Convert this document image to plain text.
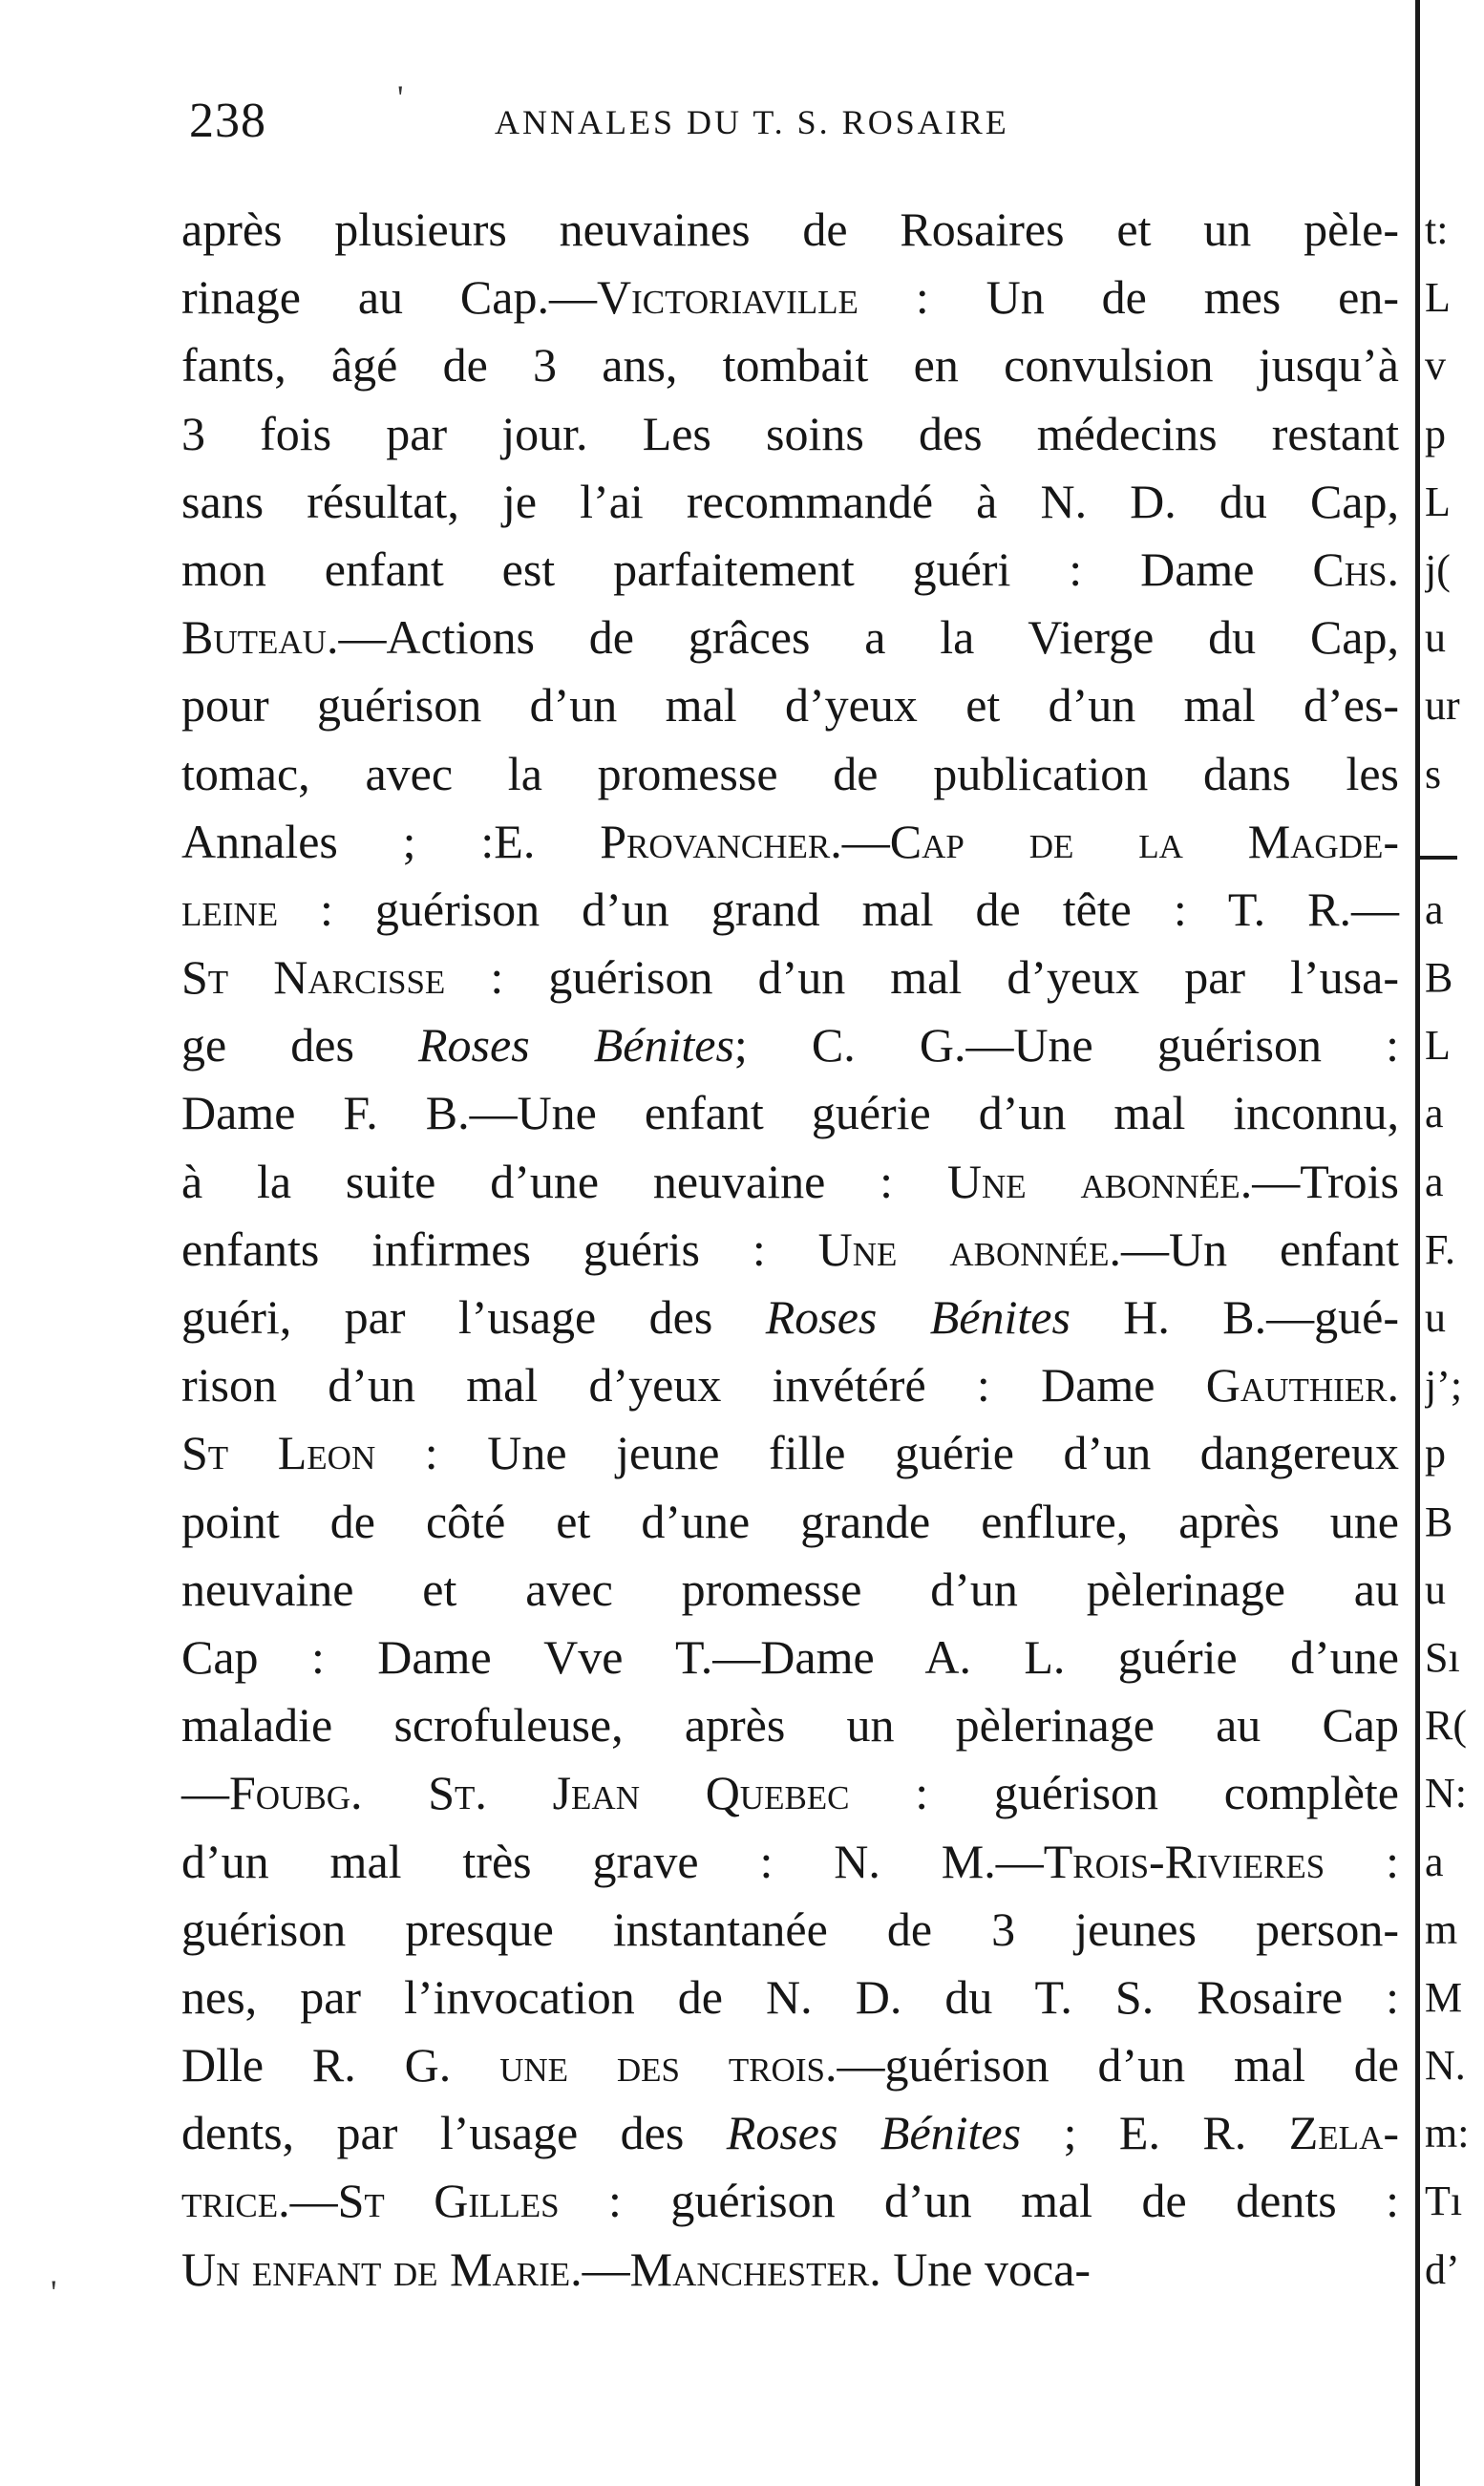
238	ANNALES DU T. S. ROSAIRE
après plusieurs neuvaines de Rosaires et un pèle-
rinage au Cap.—Victoriaville : Un de mes en-
fants, âgé de 3 ans, tombait en convulsion jusqu’à
3 fois par jour. Les soins des médecins restant
sans résultat, je l’ai recommandé à N. D. du Cap,
mon enfant est parfaitement guéri : Dame Chs.
Buteau.—Actions de grâces a la Vierge du Cap,
pour guérison d’un mal d’yeux et d’un mal d’es-
tomac, avec la promesse de publication dans les
Annales ; :E. Provancher.—Cap de la Magde-
leine : guérison d’un grand mal de tête : T. R.—
St Narcisse : guérison d’un mal d’yeux par l’usa-
ge des Roses Bénites; C. G.—Une guérison :
Dame F. B.—Une enfant guérie d’un mal inconnu,
à la suite d’une neuvaine : Une abonnée.—Trois
enfants infirmes guéris : Une abonnée.—Un enfant
guéri, par l’usage des Roses Bénites H. B.—gué-
rison d’un mal d’yeux invétéré : Dame Gauthier.
St Leon : Une jeune fille guérie d’un dangereux
point de côté et d’une grande enflure, après une
neuvaine et avec promesse d’un pèlerinage au
Cap : Dame Vve T.—Dame A. L. guérie d’une
maladie scrofuleuse, après un pèlerinage au Cap
—Foubg. St. Jean Quebec : guérison complète
d’un mal très grave : N. M.—Trois-Rivieres :
guérison presque instantanée de 3 jeunes person-
nes, par l’invocation de N. D. du T. S. Rosaire :
Dlle R. G. une des trois.—guérison d’un mal de
dents, par l’usage des Roses Bénites ; E. R. Zela-
trice.—St Gilles : guérison d’un mal de dents :
Un enfant de Marie.—Manchester. Une voca-
t:
L
v
p
L
j(
u
ur
s
a
B
L
a
a
F.
u
j’;
p
B
u
Sı
R(
N:
a
m
M
N.
m:
Tı
d’
'
'
